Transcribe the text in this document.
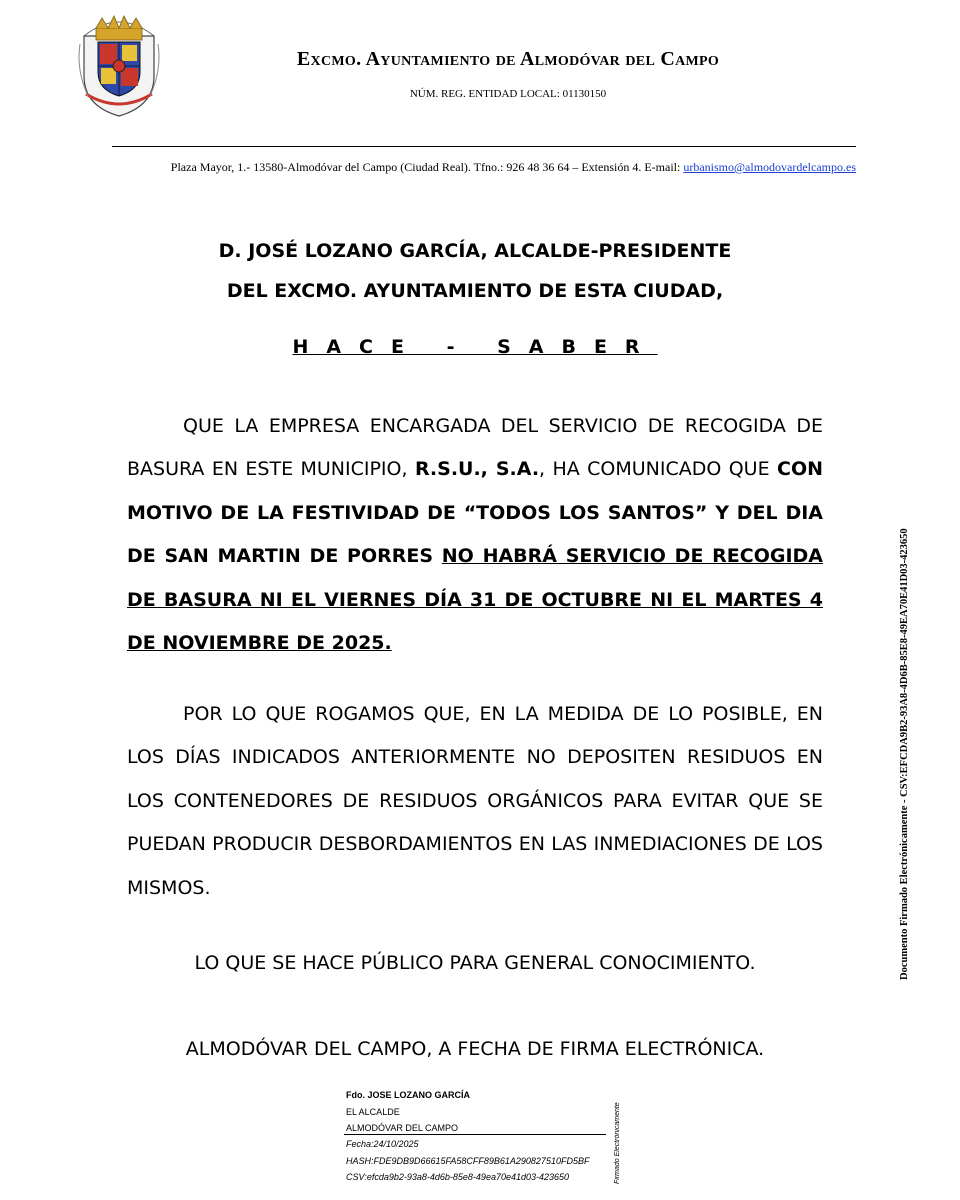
Excmo. Ayuntamiento de Almodóvar del Campo
NÚM. REG. ENTIDAD LOCAL: 01130150
Plaza Mayor, 1.- 13580-Almodóvar del Campo (Ciudad Real). Tfno.: 926 48 36 64 – Extensión 4. E-mail: urbanismo@almodovardelcampo.es
D. JOSÉ LOZANO GARCÍA, ALCALDE-PRESIDENTE
DEL EXCMO. AYUNTAMIENTO DE ESTA CIUDAD,
HACE - SABER
QUE LA EMPRESA ENCARGADA DEL SERVICIO DE RECOGIDA DE BASURA EN ESTE MUNICIPIO, R.S.U., S.A., HA COMUNICADO QUE CON MOTIVO DE LA FESTIVIDAD DE “TODOS LOS SANTOS” Y DEL DIA DE SAN MARTIN DE PORRES NO HABRÁ SERVICIO DE RECOGIDA DE BASURA NI EL VIERNES DÍA 31 DE OCTUBRE NI EL MARTES 4 DE NOVIEMBRE DE 2025.
POR LO QUE ROGAMOS QUE, EN LA MEDIDA DE LO POSIBLE, EN LOS DÍAS INDICADOS ANTERIORMENTE NO DEPOSITEN RESIDUOS EN LOS CONTENEDORES DE RESIDUOS ORGÁNICOS PARA EVITAR QUE SE PUEDAN PRODUCIR DESBORDAMIENTOS EN LAS INMEDIACIONES DE LOS MISMOS.
LO QUE SE HACE PÚBLICO PARA GENERAL CONOCIMIENTO.
ALMODÓVAR DEL CAMPO, A FECHA DE FIRMA ELECTRÓNICA.
Fdo. JOSE LOZANO GARCÍA
EL ALCALDE
ALMODÓVAR DEL CAMPO
Fecha:24/10/2025
HASH:FDE9DB9D66615FA58CFF89B61A290827510FD5BF
CSV:efcda9b2-93a8-4d6b-85e8-49ea70e41d03-423650	Firmado Electrónicamente
Documento Firmado Electrónicamente - CSV:EFCDA9B2-93A8-4D6B-85E8-49EA70E41D03-423650
